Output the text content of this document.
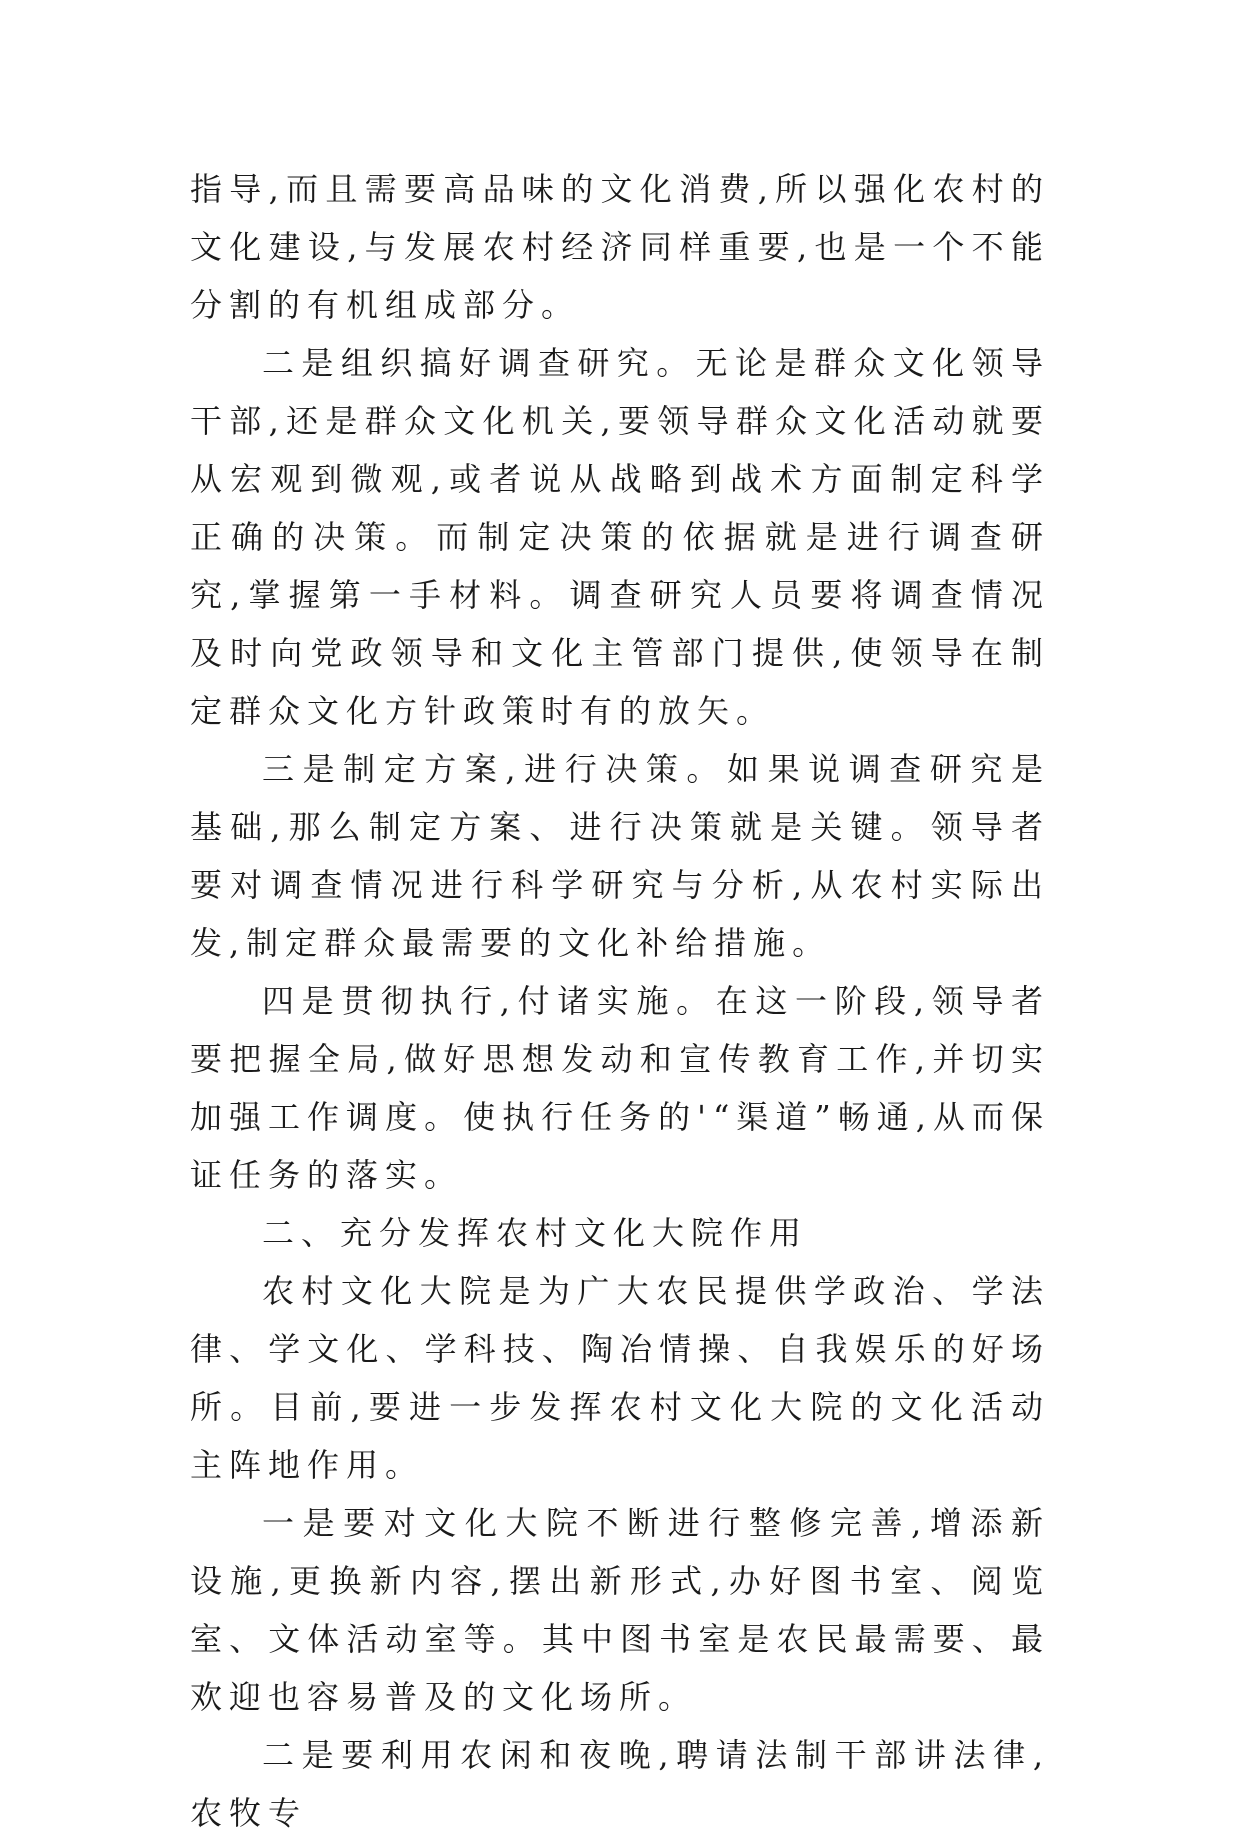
指导,而且需要高品味的文化消费,所以强化农村的文化建设,与发展农村经济同样重要,也是一个不能分割的有机组成部分。

二是组织搞好调查研究。无论是群众文化领导干部,还是群众文化机关,要领导群众文化活动就要从宏观到微观,或者说从战略到战术方面制定科学正确的决策。而制定决策的依据就是进行调查研究,掌握第一手材料。调查研究人员要将调查情况及时向党政领导和文化主管部门提供,使领导在制定群众文化方针政策时有的放矢。

三是制定方案,进行决策。如果说调查研究是基础,那么制定方案、进行决策就是关键。领导者要对调查情况进行科学研究与分析,从农村实际出发,制定群众最需要的文化补给措施。

四是贯彻执行,付诸实施。在这一阶段,领导者要把握全局,做好思想发动和宣传教育工作,并切实加强工作调度。使执行任务的'“渠道”畅通,从而保证任务的落实。

二、充分发挥农村文化大院作用

农村文化大院是为广大农民提供学政治、学法律、学文化、学科技、陶冶情操、自我娱乐的好场所。目前,要进一步发挥农村文化大院的文化活动主阵地作用。

一是要对文化大院不断进行整修完善,增添新设施,更换新内容,摆出新形式,办好图书室、阅览室、文体活动室等。其中图书室是农民最需要、最欢迎也容易普及的文化场所。

二是要利用农闲和夜晚,聘请法制干部讲法律,农牧专
